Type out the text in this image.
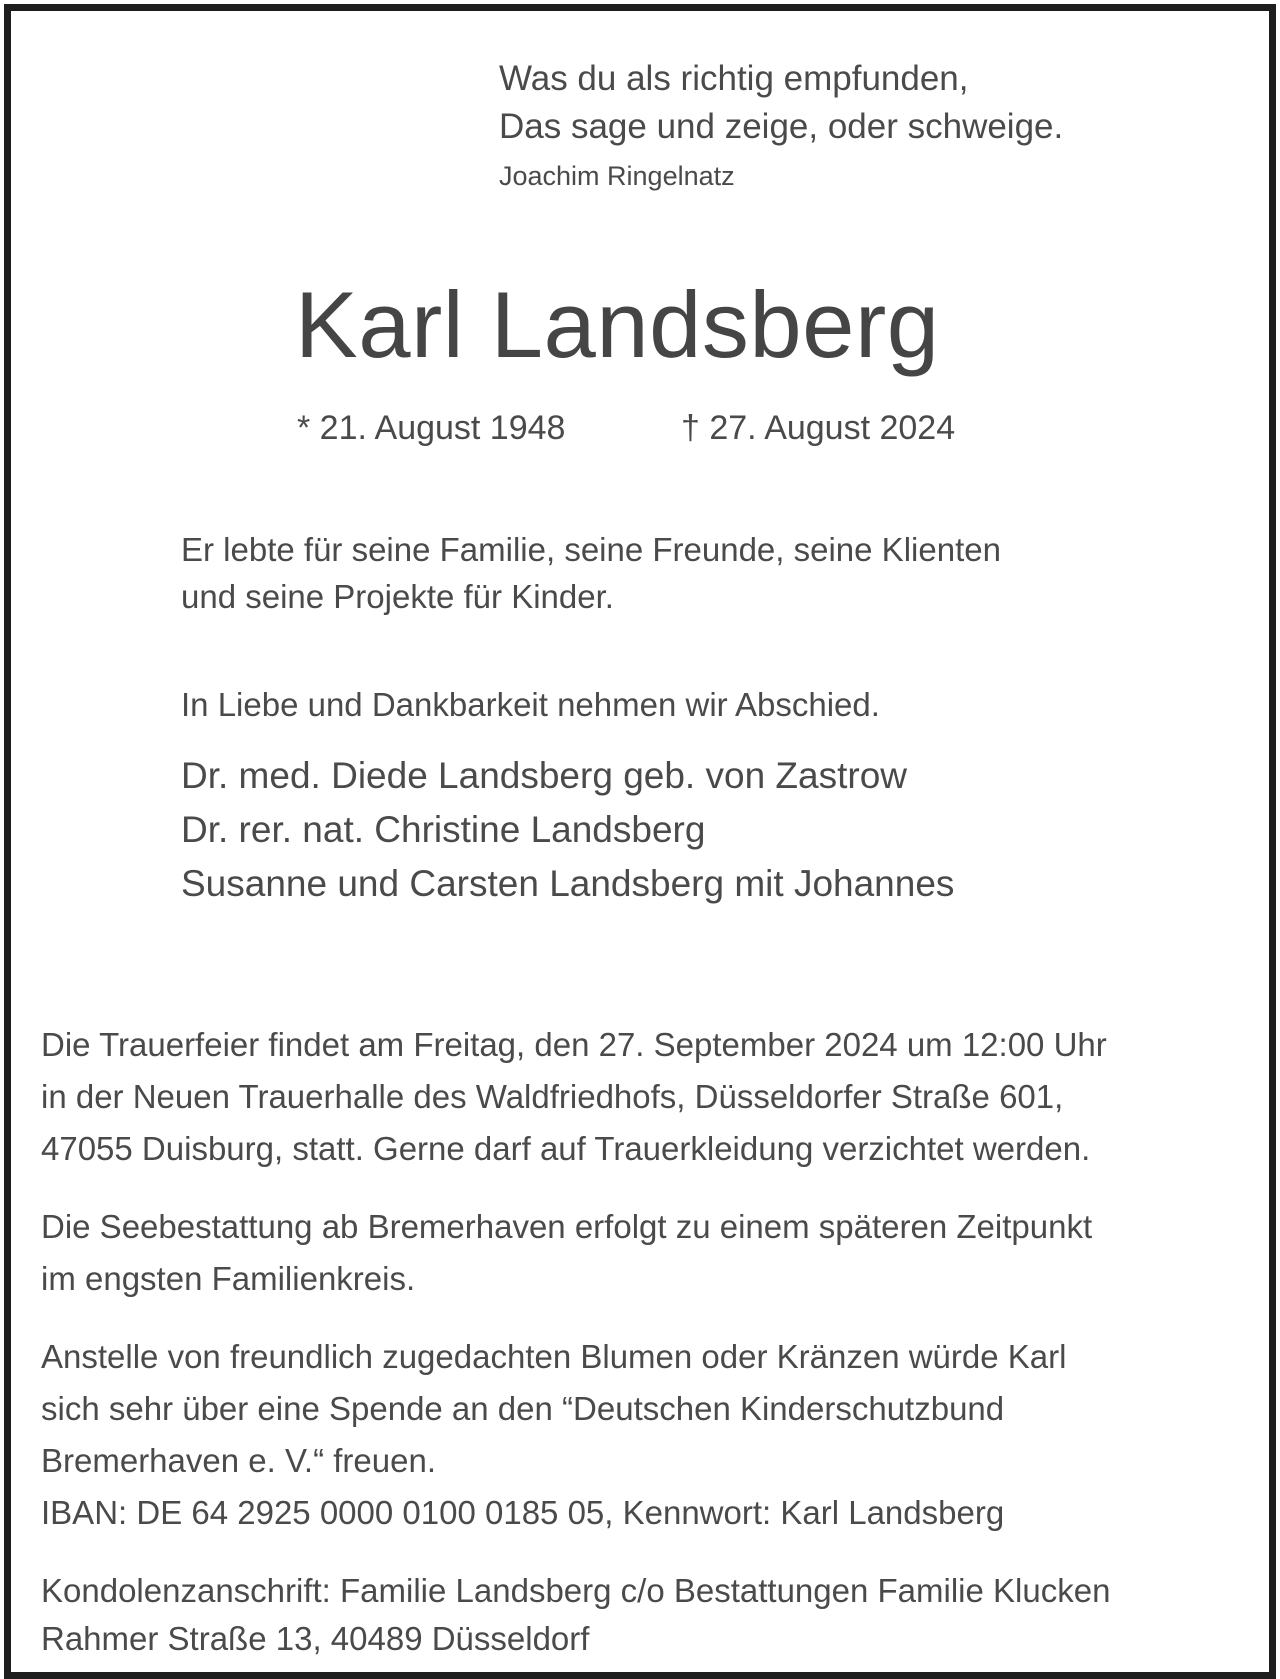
Was du als richtig empfunden,
Das sage und zeige, oder schweige.
Joachim Ringelnatz
Karl Landsberg
* 21. August 1948	† 27. August 2024
Er lebte für seine Familie, seine Freunde, seine Klienten
und seine Projekte für Kinder.
In Liebe und Dankbarkeit nehmen wir Abschied.
Dr. med. Diede Landsberg geb. von Zastrow
Dr. rer. nat. Christine Landsberg
Susanne und Carsten Landsberg mit Johannes
Die Trauerfeier findet am Freitag, den 27. September 2024 um 12:00 Uhr
in der Neuen Trauerhalle des Waldfriedhofs, Düsseldorfer Straße 601,
47055 Duisburg, statt. Gerne darf auf Trauerkleidung verzichtet werden.
Die Seebestattung ab Bremerhaven erfolgt zu einem späteren Zeitpunkt
im engsten Familienkreis.
Anstelle von freundlich zugedachten Blumen oder Kränzen würde Karl
sich sehr über eine Spende an den “Deutschen Kinderschutzbund
Bremerhaven e. V.“ freuen.
IBAN: DE 64 2925 0000 0100 0185 05, Kennwort: Karl Landsberg
Kondolenzanschrift: Familie Landsberg c/o Bestattungen Familie Klucken
Rahmer Straße 13, 40489 Düsseldorf
